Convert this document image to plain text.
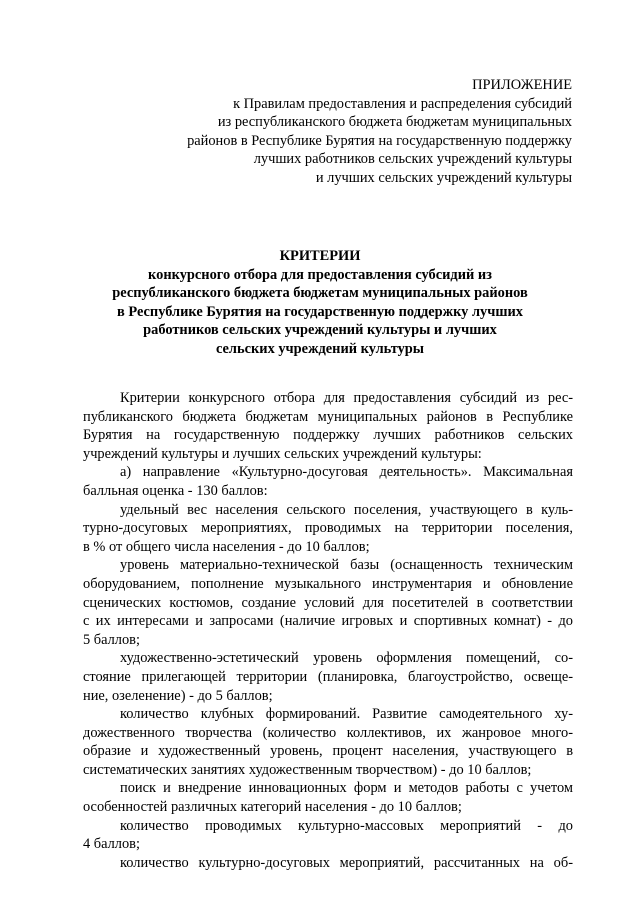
ПРИЛОЖЕНИЕ
к Правилам предоставления и распределения субсидий
из республиканского бюджета бюджетам муниципальных
районов в Республике Бурятия на государственную поддержку
лучших работников сельских учреждений культуры
и лучших сельских учреждений культуры
КРИТЕРИИ
конкурсного отбора для предоставления субсидий из
республиканского бюджета бюджетам муниципальных районов
в Республике Бурятия на государственную поддержку лучших
работников сельских учреждений культуры и лучших
сельских учреждений культуры
Критерии конкурсного отбора для предоставления субсидий из рес-
публиканского бюджета бюджетам муниципальных районов в Республике
Бурятия на государственную поддержку лучших работников сельских
учреждений культуры и лучших сельских учреждений культуры:
а) направление «Культурно-досуговая деятельность». Максимальная
балльная оценка - 130 баллов:
удельный вес населения сельского поселения, участвующего в куль-
турно-досуговых мероприятиях, проводимых на территории поселения,
в % от общего числа населения - до 10 баллов;
уровень материально-технической базы (оснащенность техническим
оборудованием, пополнение музыкального инструментария и обновление
сценических костюмов, создание условий для посетителей в соответствии
с их интересами и запросами (наличие игровых и спортивных комнат) - до
5 баллов;
художественно-эстетический уровень оформления помещений, со-
стояние прилегающей территории (планировка, благоустройство, освеще-
ние, озеленение) - до 5 баллов;
количество клубных формирований. Развитие самодеятельного ху-
дожественного творчества (количество коллективов, их жанровое много-
образие и художественный уровень, процент населения, участвующего в
систематических занятиях художественным творчеством) - до 10 баллов;
поиск и внедрение инновационных форм и методов работы с учетом
особенностей различных категорий населения - до 10 баллов;
количество проводимых культурно-массовых мероприятий - до
4 баллов;
количество культурно-досуговых мероприятий, рассчитанных на об-
